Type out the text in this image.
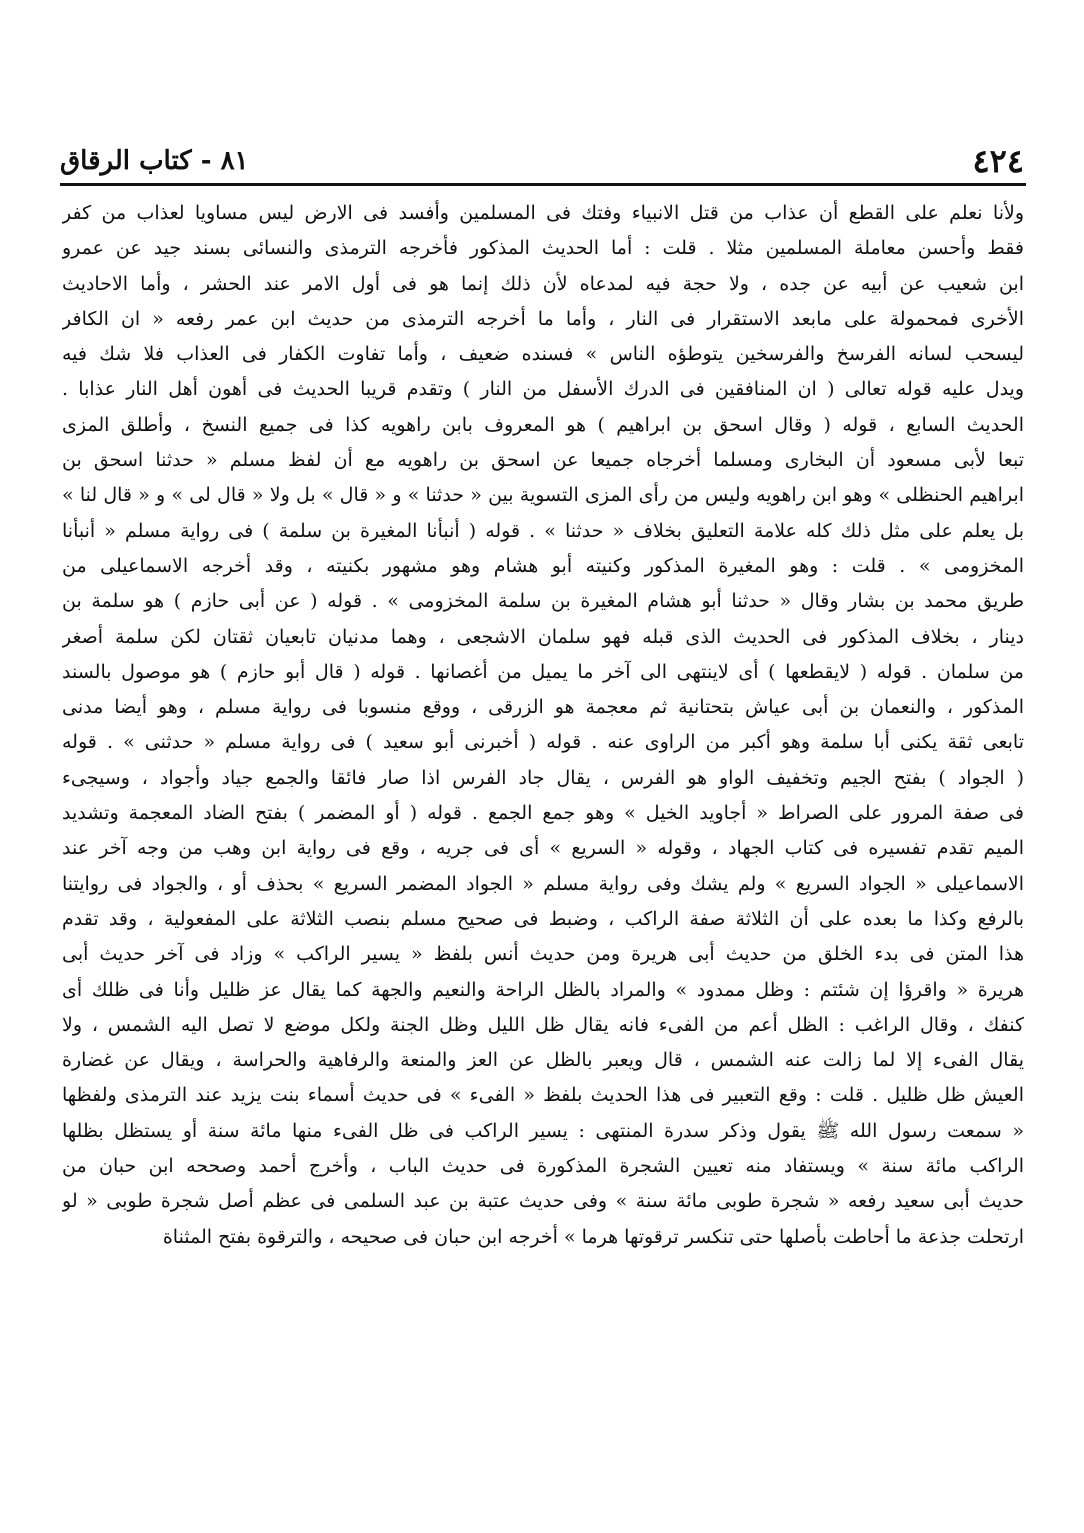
٤٢٤
٨١ - كتاب الرقاق
ولأنا نعلم على القطع أن عذاب من قتل الانبياء وفتك فى المسلمين وأفسد فى الارض ليس مساويا لعذاب من كفر
فقط وأحسن معاملة المسلمين مثلا . قلت : أما الحديث المذكور فأخرجه الترمذى والنسائى بسند جيد عن عمرو
ابن شعيب عن أبيه عن جده ، ولا حجة فيه لمدعاه لأن ذلك إنما هو فى أول الامر عند الحشر ، وأما الاحاديث
الأخرى فمحمولة على مابعد الاستقرار فى النار ، وأما ما أخرجه الترمذى من حديث ابن عمر رفعه « ان الكافر
ليسحب لسانه الفرسخ والفرسخين يتوطؤه الناس » فسنده ضعيف ، وأما تفاوت الكفار فى العذاب فلا شك فيه
ويدل عليه قوله تعالى ( ان المنافقين فى الدرك الأسفل من النار ) وتقدم قريبا الحديث فى أهون أهل النار عذابا .
الحديث السابع ، قوله ( وقال اسحق بن ابراهيم ) هو المعروف بابن راهويه كذا فى جميع النسخ ، وأطلق المزى
تبعا لأبى مسعود أن البخارى ومسلما أخرجاه جميعا عن اسحق بن راهويه مع أن لفظ مسلم « حدثنا اسحق بن
ابراهيم الحنظلى » وهو ابن راهويه وليس من رأى المزى التسوية بين « حدثنا » و « قال » بل ولا « قال لى » و « قال لنا »
بل يعلم على مثل ذلك كله علامة التعليق بخلاف « حدثنا » . قوله ( أنبأنا المغيرة بن سلمة ) فى رواية مسلم « أنبأنا
المخزومى » . قلت : وهو المغيرة المذكور وكنيته أبو هشام وهو مشهور بكنيته ، وقد أخرجه الاسماعيلى من
طريق محمد بن بشار وقال « حدثنا أبو هشام المغيرة بن سلمة المخزومى » . قوله ( عن أبى حازم ) هو سلمة بن
دينار ، بخلاف المذكور فى الحديث الذى قبله فهو سلمان الاشجعى ، وهما مدنيان تابعيان ثقتان لكن سلمة أصغر
من سلمان . قوله ( لايقطعها ) أى لاينتهى الى آخر ما يميل من أغصانها . قوله ( قال أبو حازم ) هو موصول بالسند
المذكور ، والنعمان بن أبى عياش بتحتانية ثم معجمة هو الزرقى ، ووقع منسوبا فى رواية مسلم ، وهو أيضا مدنى
تابعى ثقة يكنى أبا سلمة وهو أكبر من الراوى عنه . قوله ( أخبرنى أبو سعيد ) فى رواية مسلم « حدثنى » . قوله
( الجواد ) بفتح الجيم وتخفيف الواو هو الفرس ، يقال جاد الفرس اذا صار فائقا والجمع جياد وأجواد ، وسيجىء
فى صفة المرور على الصراط « أجاويد الخيل » وهو جمع الجمع . قوله ( أو المضمر ) بفتح الضاد المعجمة وتشديد
الميم تقدم تفسيره فى كتاب الجهاد ، وقوله « السريع » أى فى جريه ، وقع فى رواية ابن وهب من وجه آخر عند
الاسماعيلى « الجواد السريع » ولم يشك وفى رواية مسلم « الجواد المضمر السريع » بحذف أو ، والجواد فى روايتنا
بالرفع وكذا ما بعده على أن الثلاثة صفة الراكب ، وضبط فى صحيح مسلم بنصب الثلاثة على المفعولية ، وقد تقدم
هذا المتن فى بدء الخلق من حديث أبى هريرة ومن حديث أنس بلفظ « يسير الراكب » وزاد فى آخر حديث أبى
هريرة « واقرؤا إن شئتم : وظل ممدود » والمراد بالظل الراحة والنعيم والجهة كما يقال عز ظليل وأنا فى ظلك أى
كنفك ، وقال الراغب : الظل أعم من الفىء فانه يقال ظل الليل وظل الجنة ولكل موضع لا تصل اليه الشمس ، ولا
يقال الفىء إلا لما زالت عنه الشمس ، قال ويعبر بالظل عن العز والمنعة والرفاهية والحراسة ، ويقال عن غضارة
العيش ظل ظليل . قلت : وقع التعبير فى هذا الحديث بلفظ « الفىء » فى حديث أسماء بنت يزيد عند الترمذى ولفظها
« سمعت رسول الله ﷺ يقول وذكر سدرة المنتهى : يسير الراكب فى ظل الفىء منها مائة سنة أو يستظل بظلها
الراكب مائة سنة » ويستفاد منه تعيين الشجرة المذكورة فى حديث الباب ، وأخرج أحمد وصححه ابن حبان من
حديث أبى سعيد رفعه « شجرة طوبى مائة سنة » وفى حديث عتبة بن عبد السلمى فى عظم أصل شجرة طوبى « لو
ارتحلت جذعة ما أحاطت بأصلها حتى تنكسر ترقوتها هرما » أخرجه ابن حبان فى صحيحه ، والترقوة بفتح المثناة
